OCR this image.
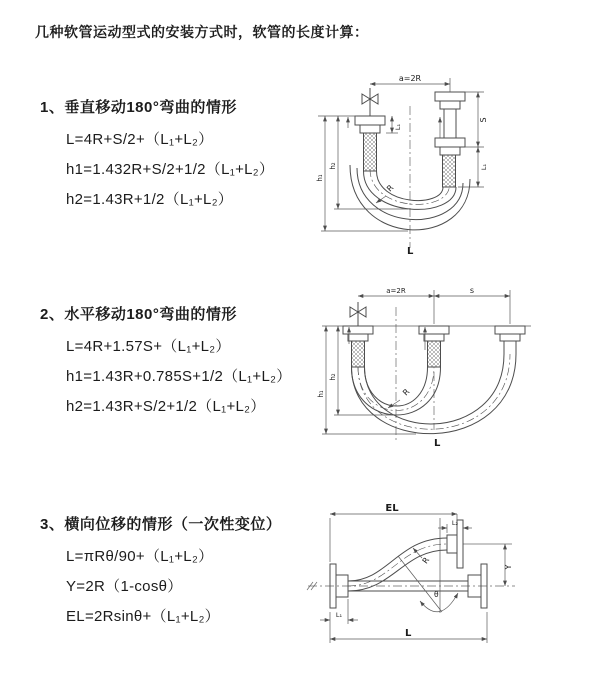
几种软管运动型式的安装方式时，软管的长度计算：
1、垂直移动180°弯曲的情形
L=4R+S/2+（L₁+L₂）
h1=1.432R+S/2+1/2（L₁+L₂）
h2=1.43R+1/2（L₁+L₂）
2、水平移动180°弯曲的情形
L=4R+1.57S+（L₁+L₂）
h1=1.43R+0.785S+1/2（L₁+L₂）
h2=1.43R+S/2+1/2（L₁+L₂）
3、横向位移的情形（一次性变位）
L=πRθ/90+（L₁+L₂）
Y=2R（1-cosθ）
EL=2Rsinθ+（L₁+L₂）
a=2R
L₁
h₁
h₂
S
L₁
R
L
a=2R	s
h₁
h₂
R
L
EL
L₂
Y
R
θ
L₁
L
